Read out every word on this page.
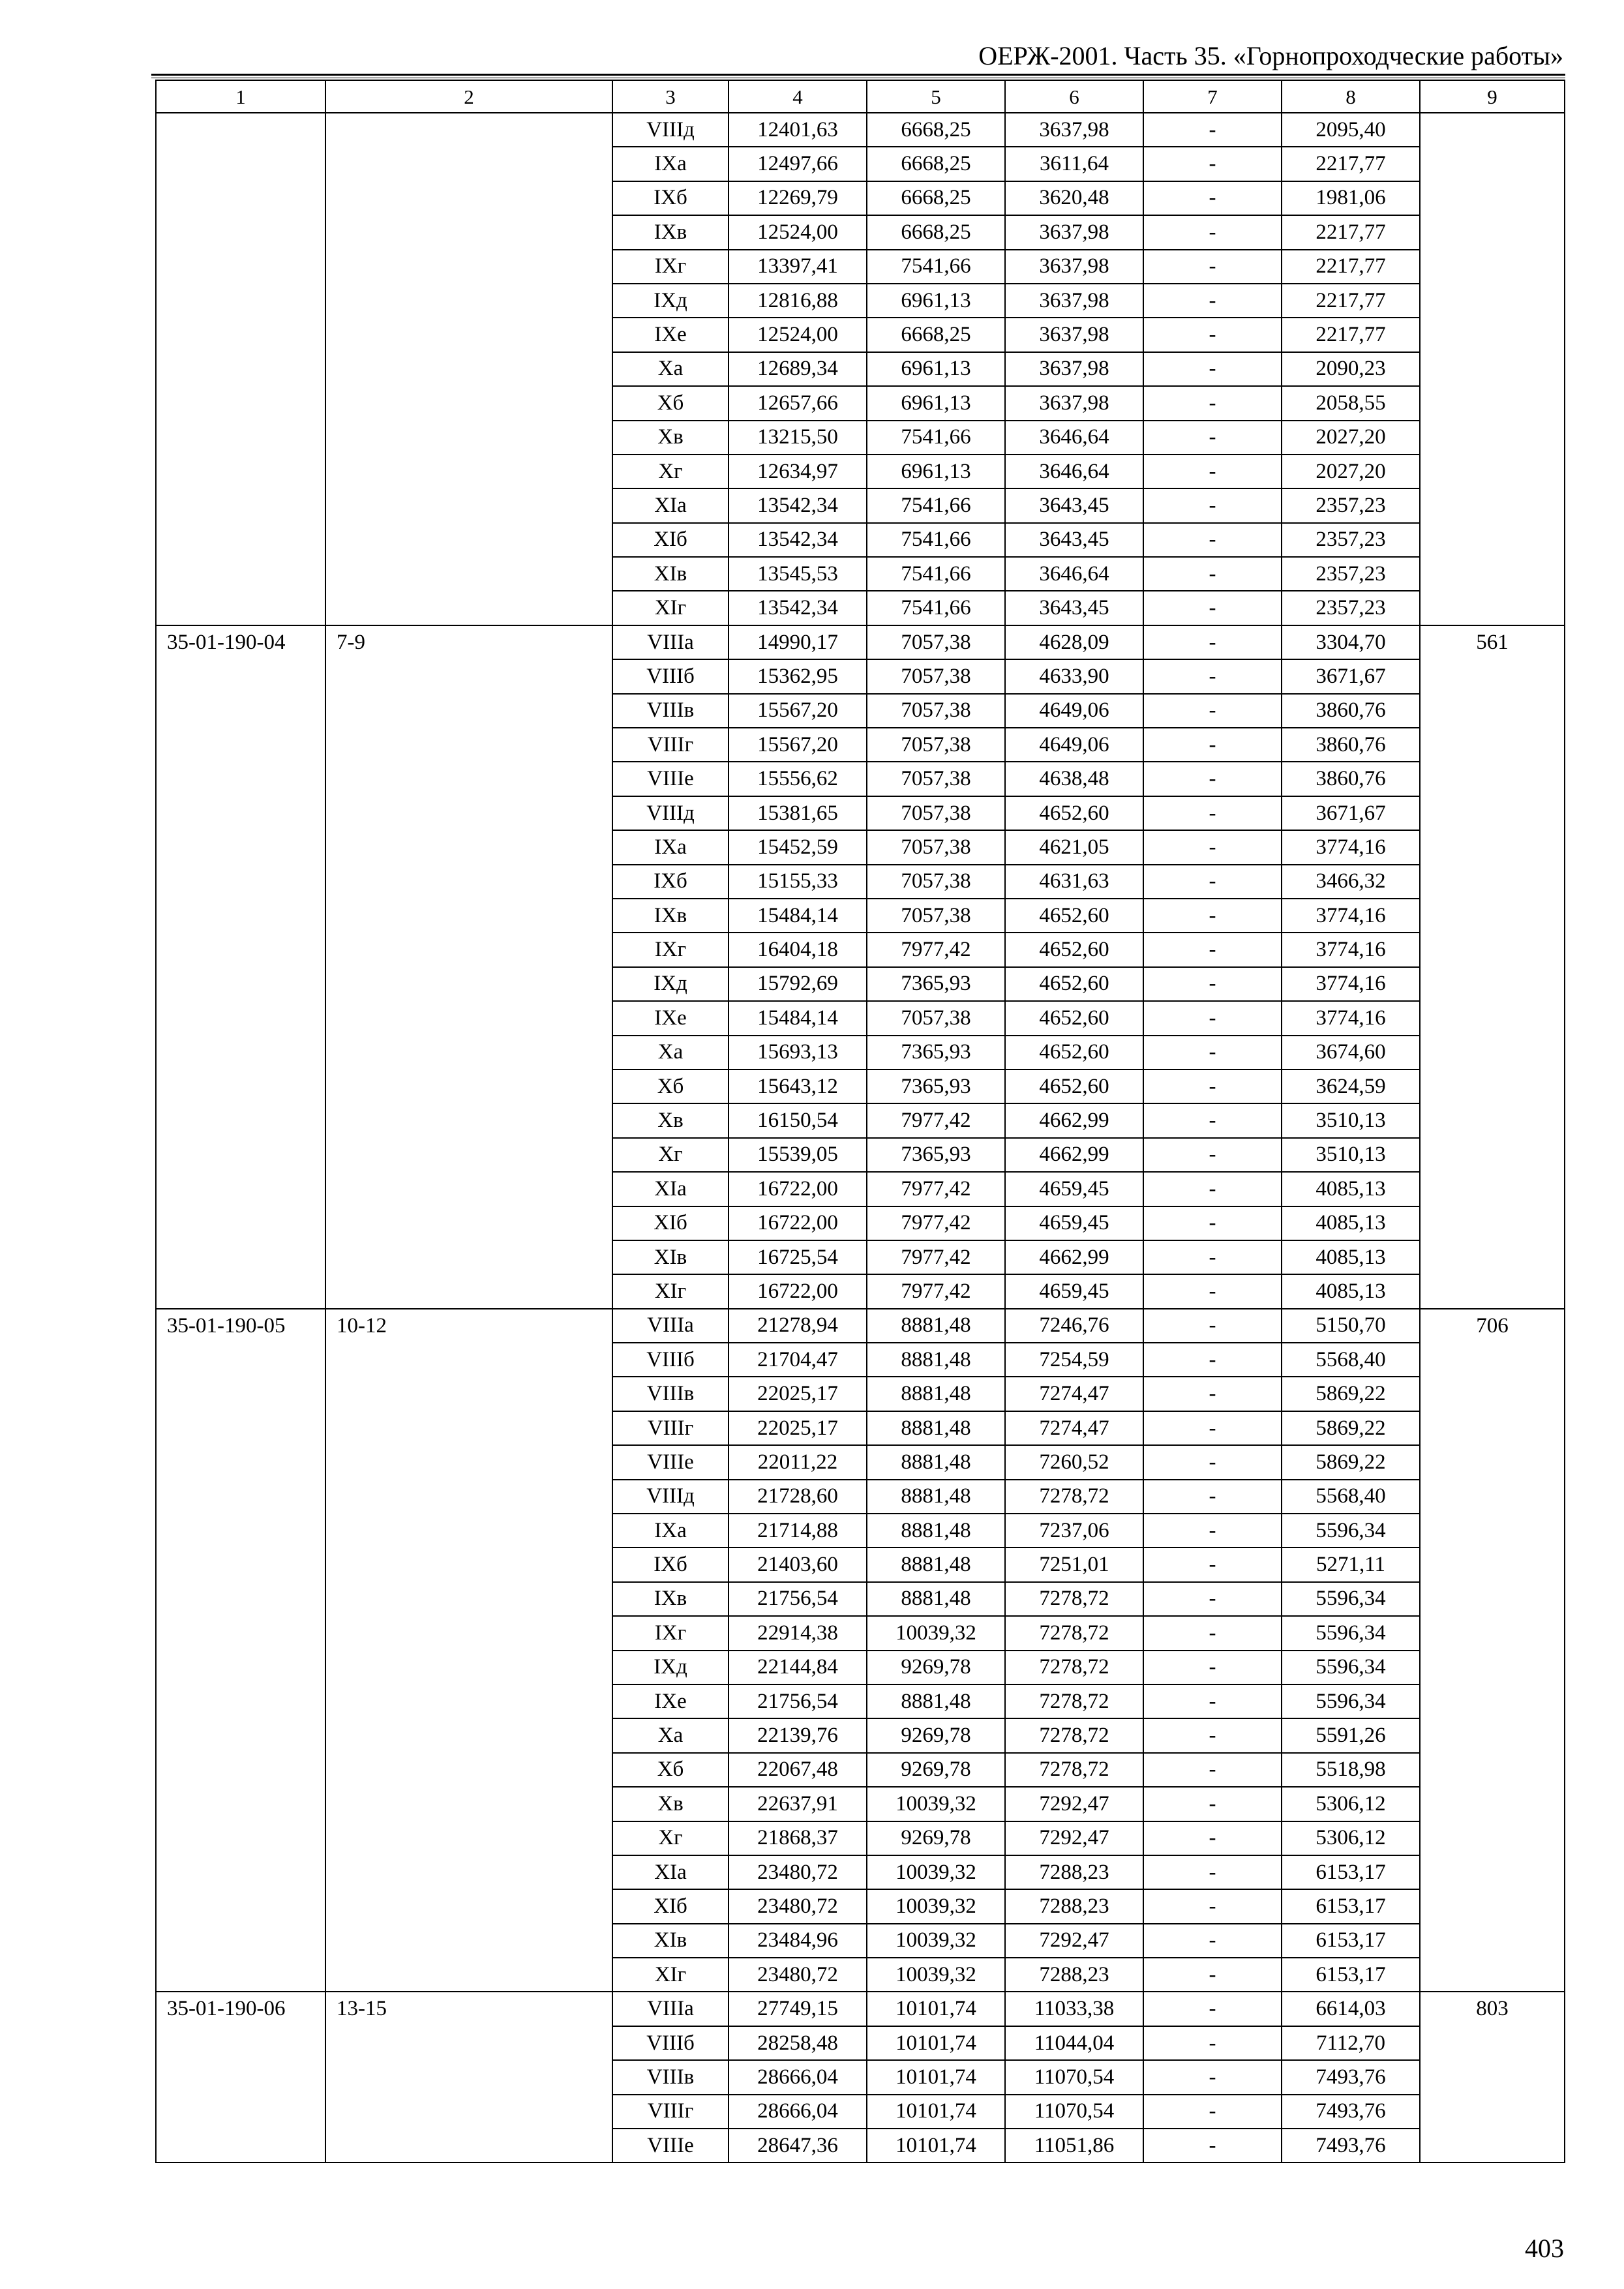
ОЕРЖ-2001. Часть 35. «Горнопроходческие работы»
1	2	3	4	5	6	7	8	9
		VIIIд	12401,63	6668,25	3637,98	-	2095,40	
		IXa	12497,66	6668,25	3611,64	-	2217,77	
		IXб	12269,79	6668,25	3620,48	-	1981,06	
		IXв	12524,00	6668,25	3637,98	-	2217,77	
		IXг	13397,41	7541,66	3637,98	-	2217,77	
		IXд	12816,88	6961,13	3637,98	-	2217,77	
		IXe	12524,00	6668,25	3637,98	-	2217,77	
		Xa	12689,34	6961,13	3637,98	-	2090,23	
		Xб	12657,66	6961,13	3637,98	-	2058,55	
		Xв	13215,50	7541,66	3646,64	-	2027,20	
		Xг	12634,97	6961,13	3646,64	-	2027,20	
		XIa	13542,34	7541,66	3643,45	-	2357,23	
		XIб	13542,34	7541,66	3643,45	-	2357,23	
		XIв	13545,53	7541,66	3646,64	-	2357,23	
		XIг	13542,34	7541,66	3643,45	-	2357,23	
35-01-190-04	7-9	VIIIa	14990,17	7057,38	4628,09	-	3304,70	561
		VIIIб	15362,95	7057,38	4633,90	-	3671,67	
		VIIIв	15567,20	7057,38	4649,06	-	3860,76	
		VIIIг	15567,20	7057,38	4649,06	-	3860,76	
		VIIIe	15556,62	7057,38	4638,48	-	3860,76	
		VIIIд	15381,65	7057,38	4652,60	-	3671,67	
		IXa	15452,59	7057,38	4621,05	-	3774,16	
		IXб	15155,33	7057,38	4631,63	-	3466,32	
		IXв	15484,14	7057,38	4652,60	-	3774,16	
		IXг	16404,18	7977,42	4652,60	-	3774,16	
		IXд	15792,69	7365,93	4652,60	-	3774,16	
		IXe	15484,14	7057,38	4652,60	-	3774,16	
		Xa	15693,13	7365,93	4652,60	-	3674,60	
		Xб	15643,12	7365,93	4652,60	-	3624,59	
		Xв	16150,54	7977,42	4662,99	-	3510,13	
		Xг	15539,05	7365,93	4662,99	-	3510,13	
		XIa	16722,00	7977,42	4659,45	-	4085,13	
		XIб	16722,00	7977,42	4659,45	-	4085,13	
		XIв	16725,54	7977,42	4662,99	-	4085,13	
		XIг	16722,00	7977,42	4659,45	-	4085,13	
35-01-190-05	10-12	VIIIa	21278,94	8881,48	7246,76	-	5150,70	706
		VIIIб	21704,47	8881,48	7254,59	-	5568,40	
		VIIIв	22025,17	8881,48	7274,47	-	5869,22	
		VIIIг	22025,17	8881,48	7274,47	-	5869,22	
		VIIIe	22011,22	8881,48	7260,52	-	5869,22	
		VIIIд	21728,60	8881,48	7278,72	-	5568,40	
		IXa	21714,88	8881,48	7237,06	-	5596,34	
		IXб	21403,60	8881,48	7251,01	-	5271,11	
		IXв	21756,54	8881,48	7278,72	-	5596,34	
		IXг	22914,38	10039,32	7278,72	-	5596,34	
		IXд	22144,84	9269,78	7278,72	-	5596,34	
		IXe	21756,54	8881,48	7278,72	-	5596,34	
		Xa	22139,76	9269,78	7278,72	-	5591,26	
		Xб	22067,48	9269,78	7278,72	-	5518,98	
		Xв	22637,91	10039,32	7292,47	-	5306,12	
		Xг	21868,37	9269,78	7292,47	-	5306,12	
		XIa	23480,72	10039,32	7288,23	-	6153,17	
		XIб	23480,72	10039,32	7288,23	-	6153,17	
		XIв	23484,96	10039,32	7292,47	-	6153,17	
		XIг	23480,72	10039,32	7288,23	-	6153,17	
35-01-190-06	13-15	VIIIa	27749,15	10101,74	11033,38	-	6614,03	803
		VIIIб	28258,48	10101,74	11044,04	-	7112,70	
		VIIIв	28666,04	10101,74	11070,54	-	7493,76	
		VIIIг	28666,04	10101,74	11070,54	-	7493,76	
		VIIIe	28647,36	10101,74	11051,86	-	7493,76	
403
